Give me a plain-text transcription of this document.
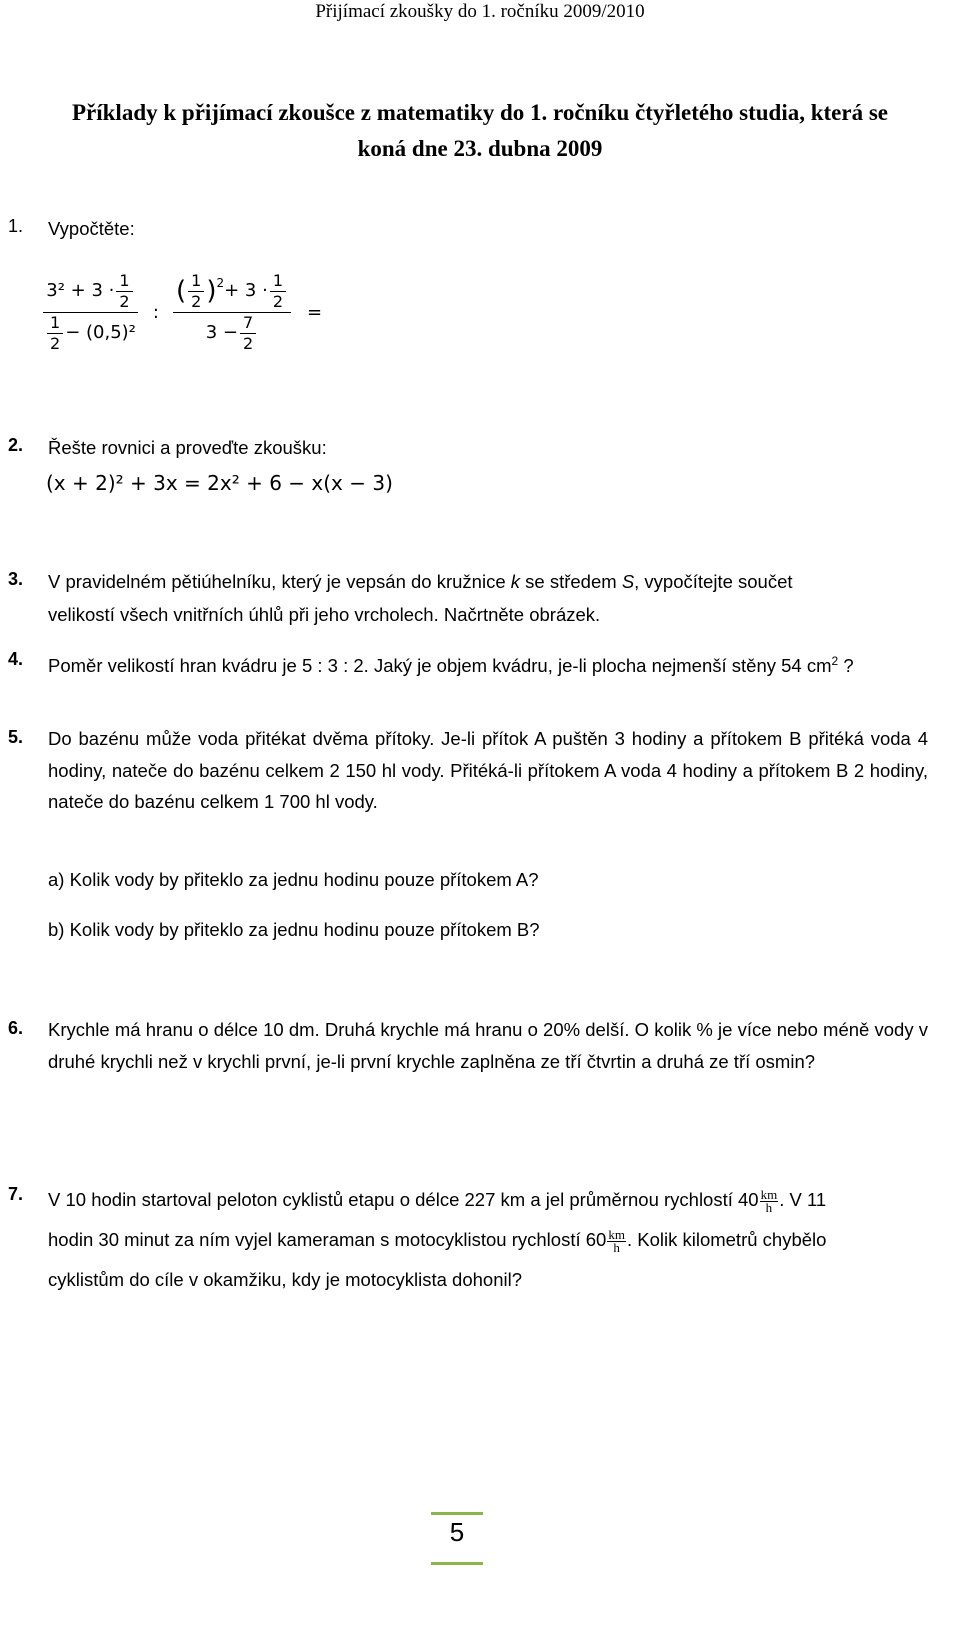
Přijímací zkoušky do 1. ročníku 2009/2010
Příklady k přijímací zkoušce z matematiky do 1. ročníku čtyřletého studia, která se
koná dne 23. dubna 2009
1. Vypočtěte:
$\frac{3^2 + 3 \cdot \frac{1}{2}}{\frac{1}{2} - (0,5)^2}$ :
( $\frac{1}{2} )^2 + 3 \cdot \frac{1}{2}$
$3 - \frac{7}{2}$
=
2. Řešte rovnici a proveďte zkoušku:
(x + 2)² + 3x = 2x² + 6 − x(x − 3)
3. V pravidelném pětiúhelníku, který je vepsán do kružnice k se středem S, vypočítejte součet
velikostí všech vnitřních úhlů při jeho vrcholech. Načrtněte obrázek.
4. Poměr velikostí hran kvádru je 5 : 3 : 2. Jaký je objem kvádru, je-li plocha nejmenší stěny 54 $cm^2$ ?
5. Do bazénu může voda přitékat dvěma přítoky. Je-li přítok A puštěn 3 hodiny a přítokem B přitéká voda 4 hodiny, nateče do bazénu celkem 2 150 hl vody. Přitéká-li přítokem A voda 4 hodiny a přítokem B 2 hodiny, nateče do bazénu celkem 1 700 hl vody.
a) Kolik vody by přiteklo za jednu hodinu pouze přítokem A?
b) Kolik vody by přiteklo za jednu hodinu pouze přítokem B?
6. Krychle má hranu o délce 10 dm. Druhá krychle má hranu o 20% delší. O kolik % je více nebo méně vody v druhé krychli než v krychli první, je-li první krychle zaplněna ze tří čtvrtin a druhá ze tří osmin?
7. V 10 hodin startoval peloton cyklistů etapu o délce 227 km a jel průměrnou rychlostí $40 \frac{km}{h}$ . V 11
hodin 30 minut za ním vyjel kameraman s motocyklistou rychlostí $60 \frac{km}{h}$ . Kolik kilometrů chybělo
cyklistům do cíle v okamžiku, kdy je motocyklista dohonil?
5
